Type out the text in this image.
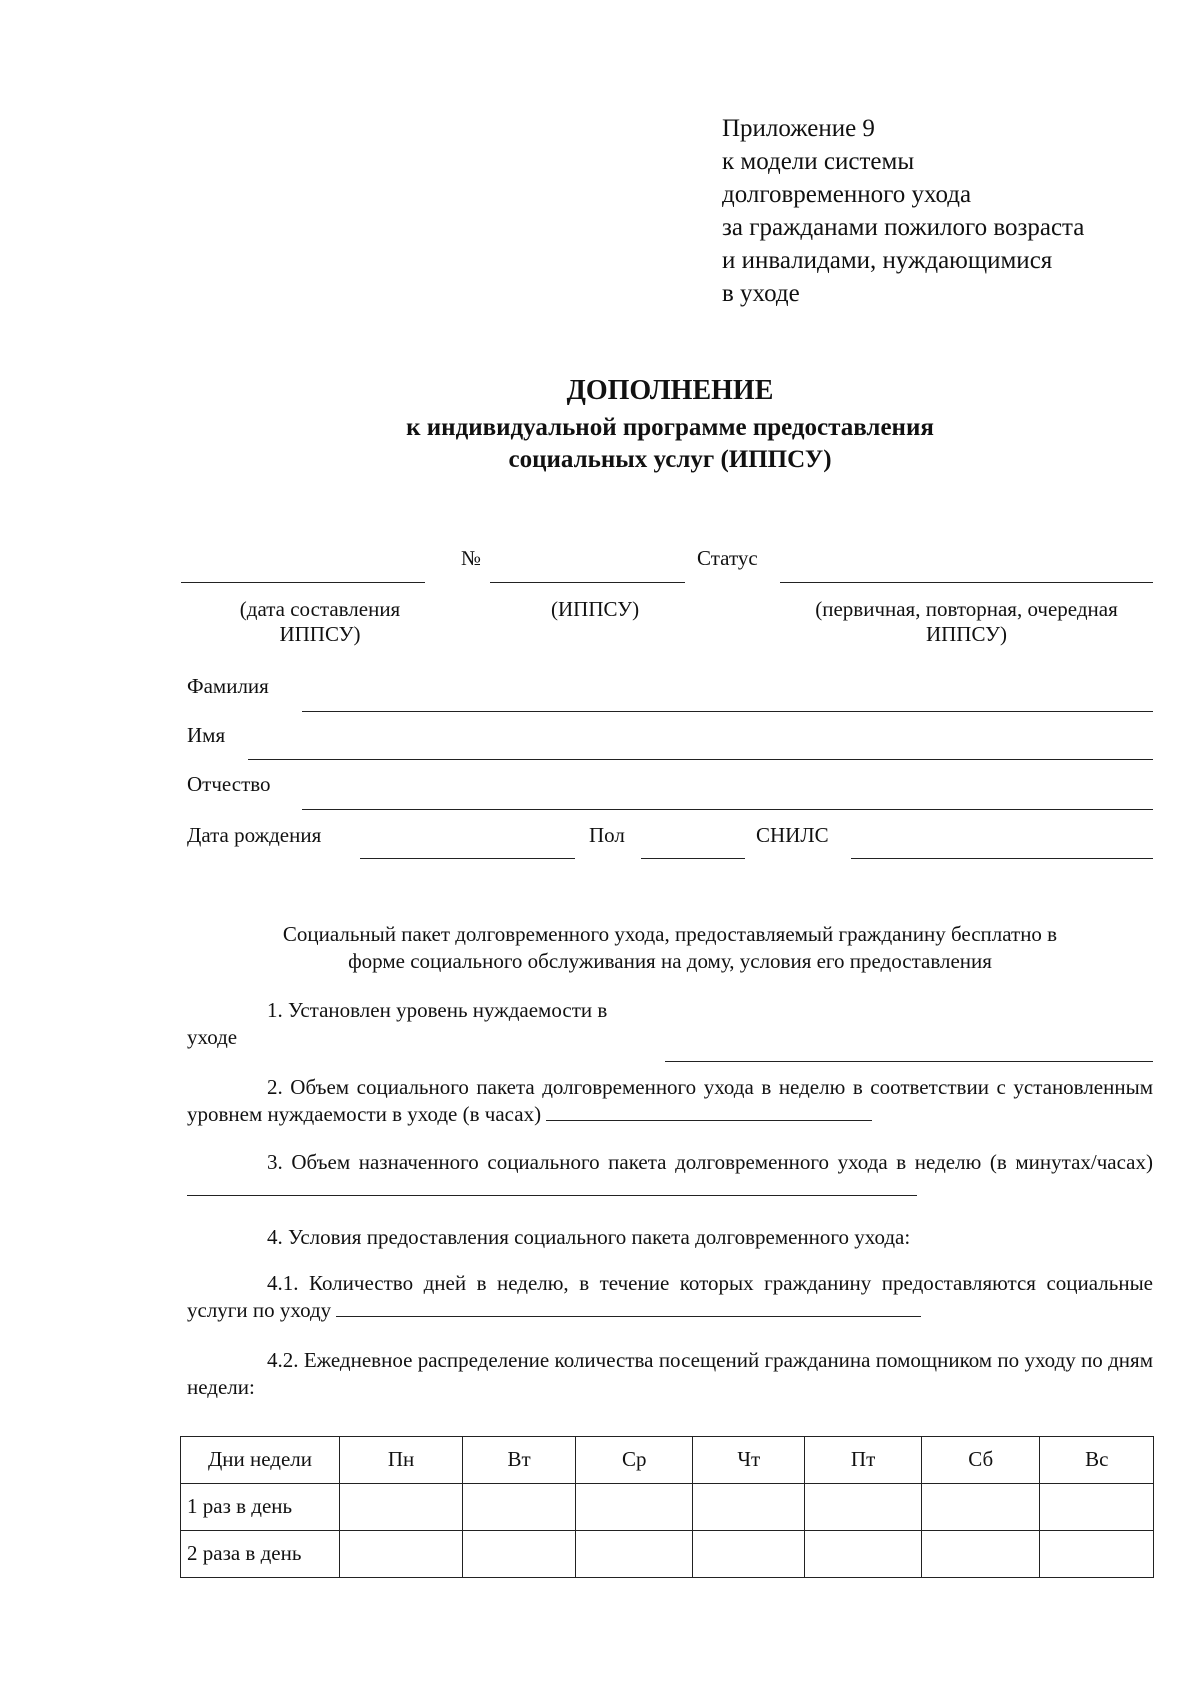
Приложение 9
к модели системы
долговременного ухода
за гражданами пожилого возраста
и инвалидами, нуждающимися
в уходе
ДОПОЛНЕНИЕ
к индивидуальной программе предоставления
социальных услуг (ИППСУ)
№	Статус
(дата составления
ИППСУ)
(ИППСУ)	(первичная, повторная, очередная
ИППСУ)
Фамилия
Имя
Отчество
Дата рождения	Пол	СНИЛС
Социальный пакет долговременного ухода, предоставляемый гражданину бесплатно в
форме социального обслуживания на дому, условия его предоставления
1. Установлен уровень нуждаемости в
уходе
2. Объем социального пакета долговременного ухода в неделю в соответствии с установленным уровнем нуждаемости в уходе (в часах)
3. Объем назначенного социального пакета долговременного ухода в неделю (в минутах/часах)
4. Условия предоставления социального пакета долговременного ухода:
4.1. Количество дней в неделю, в течение которых гражданину предоставляются социальные услуги по уходу
4.2. Ежедневное распределение количества посещений гражданина помощником по уходу по дням недели:
Дни недели	Пн	Вт	Ср	Чт	Пт	Сб	Вс
1 раз в день							
2 раза в день							
